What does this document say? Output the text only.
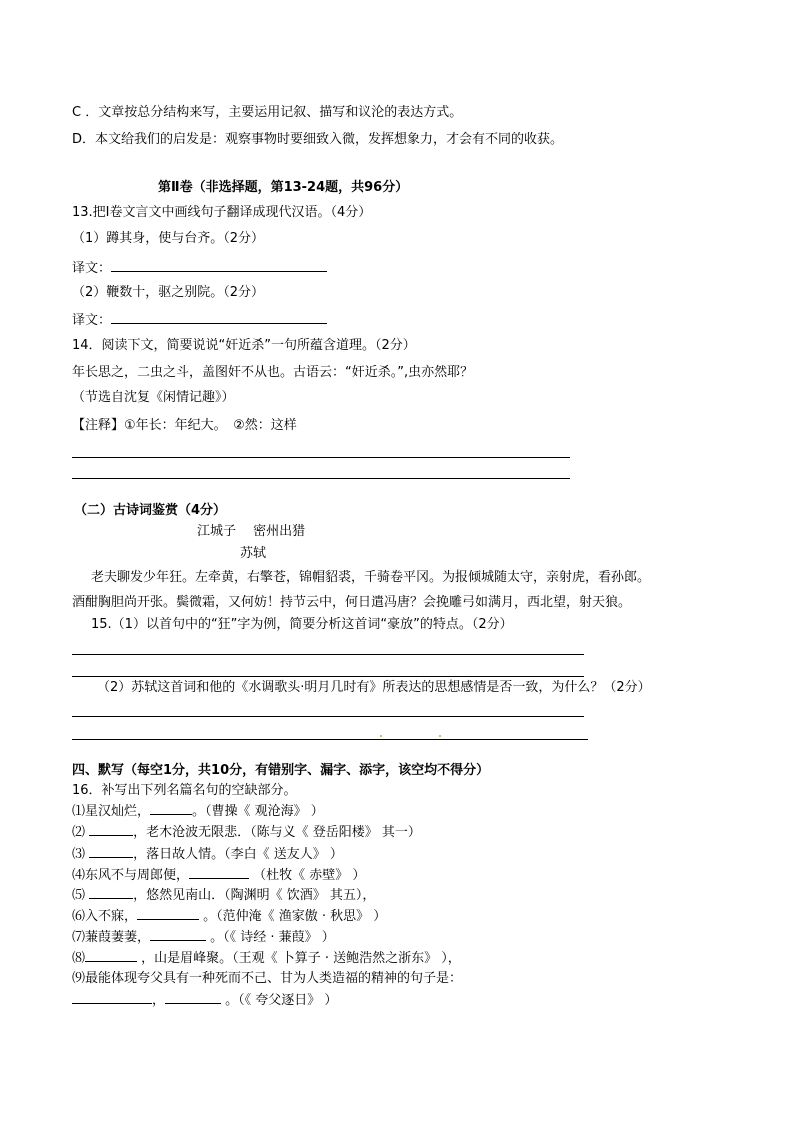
C ．文章按总分结构来写，主要运用记叙、描写和议沦的表达方式。
D．本文给我们的启发是：观察事物时要细致入微，发挥想象力，才会有不同的收获。
第Ⅱ卷（非选择题，第13-24题，共96分）
13.把Ⅰ卷文言文中画线句子翻译成现代汉语。（4分）
（1）蹲其身，使与台齐。（2分）
译文：
（2）鞭数十，驱之别院。（2分）
译文：
14．阅读下文，简要说说“奸近杀”一句所蕴含道理。（2分）
年长思之，二虫之斗，盖图奸不从也。古语云：“奸近杀。”,虫亦然耶？
（节选自沈复《闲情记趣》）
【注释】①年长：年纪大。　②然：这样
（二）古诗词鉴赏（4分）
江城子　 密州出猎
苏轼
老夫聊发少年狂。左牵黄，右擎苍，锦帽貂裘，千骑卷平冈。为报倾城随太守，亲射虎，看孙郎。
酒酣胸胆尚开张。鬓微霜，又何妨！持节云中，何日遣冯唐？会挽雕弓如满月，西北望，射天狼。
15.（1）以首句中的“狂”字为例，简要分析这首词“豪放”的特点。（2分）
（2）苏轼这首词和他的《水调歌头·明月几时有》所表达的思想感情是否一致，为什么？（2分）
四、默写（每空1分，共10分，有错别字、漏字、添字，该空均不得分）
16．补写出下列名篇名句的空缺部分。
⑴星汉灿烂，	。（曹操《 观沧海》 ）
⑵	，老木沧波无限悲．（陈与义《 登岳阳楼》 其一）
⑶	，落日故人情。（李白《 送友人》 ）
⑷东风不与周郎便，	（杜牧《 赤壁》 ）
⑸	，悠然见南山．（陶渊明《 饮酒》 其五），
⑹入不寐，	。（范仲淹《 渔家傲 · 秋思》 ）
⑺蒹葭萋萋，	。（《 诗经 · 蒹葭》 ）
⑻	，山是眉峰聚。（王观《 卜算子 · 送鲍浩然之浙东》 ），
⑼最能体现夸父具有一种死而不己、甘为人类造福的精神的句子是：
，	。（《 夸父逐日》 ）
